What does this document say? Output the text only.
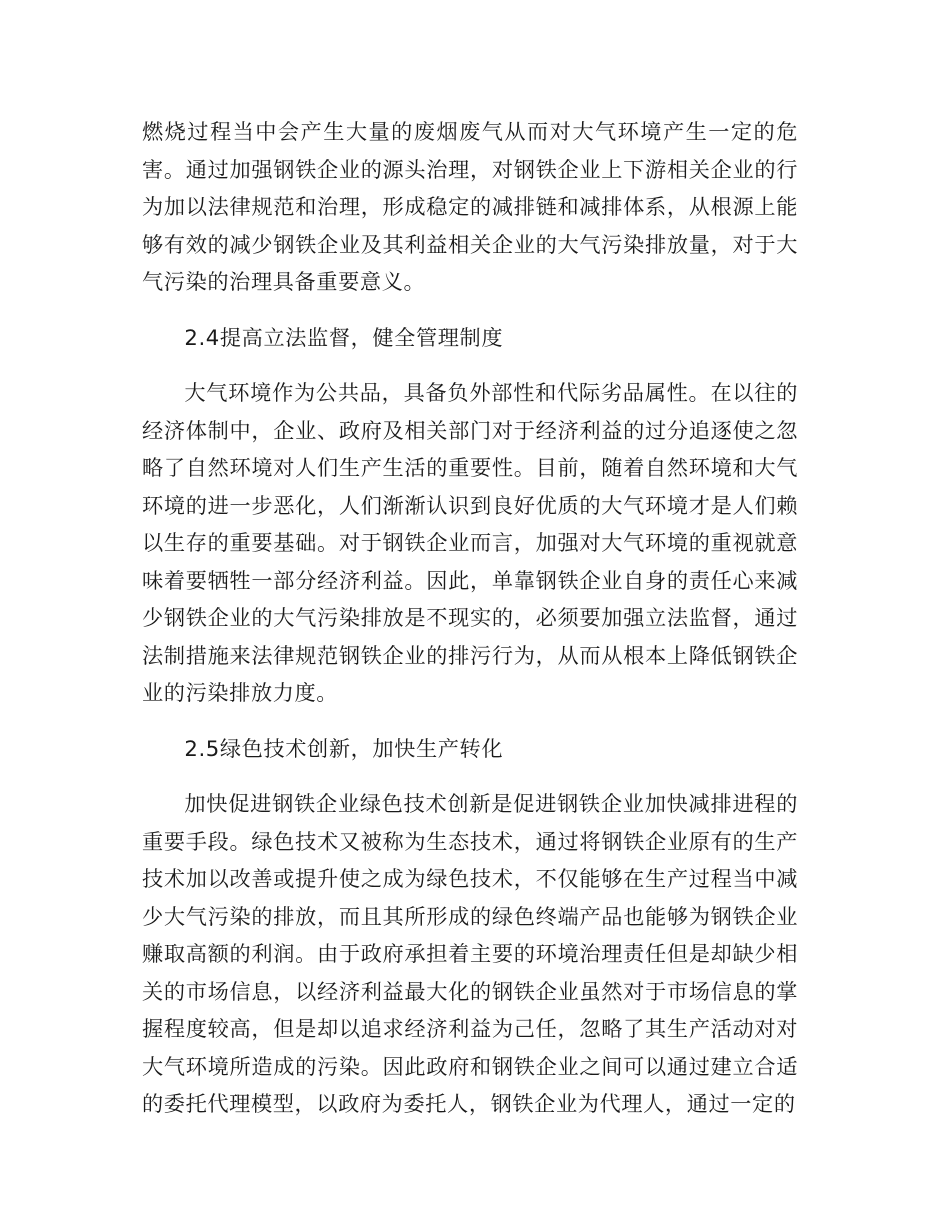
燃烧过程当中会产生大量的废烟废气从而对大气环境产生一定的危害。通过加强钢铁企业的源头治理，对钢铁企业上下游相关企业的行为加以法律规范和治理，形成稳定的减排链和减排体系，从根源上能够有效的减少钢铁企业及其利益相关企业的大气污染排放量，对于大气污染的治理具备重要意义。

2.4提高立法监督，健全管理制度

大气环境作为公共品，具备负外部性和代际劣品属性。在以往的经济体制中，企业、政府及相关部门对于经济利益的过分追逐使之忽略了自然环境对人们生产生活的重要性。目前，随着自然环境和大气环境的进一步恶化，人们渐渐认识到良好优质的大气环境才是人们赖以生存的重要基础。对于钢铁企业而言，加强对大气环境的重视就意味着要牺牲一部分经济利益。因此，单靠钢铁企业自身的责任心来减少钢铁企业的大气污染排放是不现实的，必须要加强立法监督，通过法制措施来法律规范钢铁企业的排污行为，从而从根本上降低钢铁企业的污染排放力度。

2.5绿色技术创新，加快生产转化

加快促进钢铁企业绿色技术创新是促进钢铁企业加快减排进程的重要手段。绿色技术又被称为生态技术，通过将钢铁企业原有的生产技术加以改善或提升使之成为绿色技术，不仅能够在生产过程当中减少大气污染的排放，而且其所形成的绿色终端产品也能够为钢铁企业赚取高额的利润。由于政府承担着主要的环境治理责任但是却缺少相关的市场信息，以经济利益最大化的钢铁企业虽然对于市场信息的掌握程度较高，但是却以追求经济利益为己任，忽略了其生产活动对对大气环境所造成的污染。因此政府和钢铁企业之间可以通过建立合适的委托代理模型，以政府为委托人，钢铁企业为代理人，通过一定的
